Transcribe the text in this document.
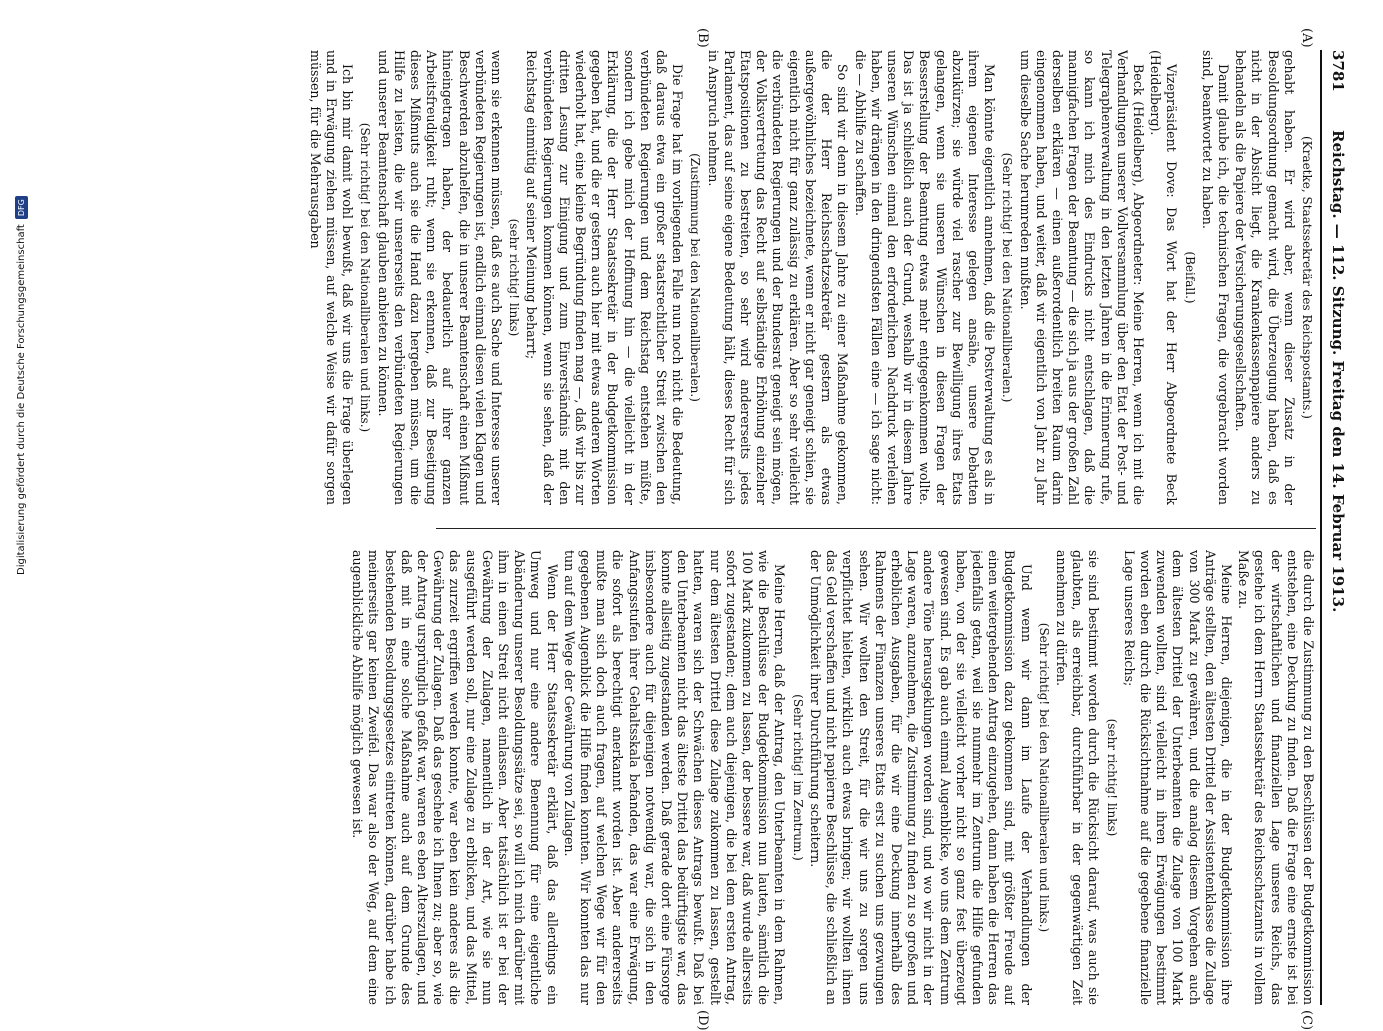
3781
Reichstag. — 112. Sitzung. Freitag den 14. Februar 1913.
(A)
(B)
(C)
(D)

(Kraetke, Staatssekretär des Reichspostamts.)

gehabt haben. Er wird aber, wenn dieser Zusatz in der Besoldungsordnung gemacht wird, die Überzeugung haben, daß es nicht in der Absicht liegt, die Krankenkassenpapiere anders zu behandeln als die Papiere der Versicherungsgesellschaften.

Damit glaube ich, die technischen Fragen, die vorgebracht worden sind, beantwortet zu haben.

(Beifall.)

Vizepräsident Dove: Das Wort hat der Herr Abgeordnete Beck (Heidelberg).

Beck (Heidelberg), Abgeordneter: Meine Herren, wenn ich mit die Verhandlungen unserer Vollversammlung über den Etat der Post- und Telegraphenverwaltung in den letzten Jahren in die Erinnerung rufe, so kann ich mich des Eindrucks nicht entschlagen, daß die mannigfachen Fragen der Beamtung — die sich ja aus der großen Zahl derselben erklären — einen außerordentlich breiten Raum darin eingenommen haben, und weiter, daß wir eigentlich von Jahr zu Jahr um dieselbe Sache herumreden mußten.

(Sehr richtig! bei den Nationalliberalen.)

Man könnte eigentlich annehmen, daß die Postverwaltung es als in ihrem eigenen Interesse gelegen ansähe, unsere Debatten abzukürzen; sie würde viel rascher zur Bewilligung ihres Etats gelangen, wenn sie unseren Wünschen in diesen Fragen der Besserstellung der Beamtung etwas mehr entgegenkommen wollte. Das ist ja schließlich auch der Grund, weshalb wir in diesem Jahre unseren Wünschen einmal den erforderlichen Nachdruck verleihen haben, wir drängen in den dringendsten Fällen eine — ich sage nicht: die — Abhilfe zu schaffen.

So sind wir denn in diesem Jahre zu einer Maßnahme gekommen, die der Herr Reichsschatzsekretär gestern als etwas außergewöhnliches bezeichnete, wenn er nicht gar geneigt schien, sie eigentlich nicht für ganz zulässig zu erklären. Aber so sehr vielleicht die verbündeten Regierungen und der Bundesrat geneigt sein mögen, der Volksvertretung das Recht auf selbständige Erhöhung einzelner Etatspositionen zu bestreiten, so sehr wird andererseits jedes Parlament, das auf seine eigene Bedeutung hält, dieses Recht für sich in Anspruch nehmen.

(Zustimmung bei den Nationalliberalen.)

Die Frage hat im vorliegenden Falle nun noch nicht die Bedeutung, daß daraus etwa ein großer staatsrechtlicher Streit zwischen den verbündeten Regierungen und dem Reichstag entstehen müßte, sondern ich gebe mich der Hoffnung hin — die vielleicht in der Erklärung, die der Herr Staatssekretär in der Budgetkommission gegeben hat, und die er gestern auch hier mit etwas anderen Worten wiederholt hat, eine kleine Begründung finden mag —, daß wir bis zur dritten Lesung zur Einigung und zum Einverständnis mit den verbündeten Regierungen kommen können, wenn sie sehen, daß der Reichstag einmütig auf seiner Meinung beharrt;

(sehr richtig! links)

wenn sie erkennen müssen, daß es auch Sache und Interesse unserer verbündeten Regierungen ist, endlich einmal diesen vielen Klagen und Beschwerden abzuhelfen, die in unserer Beamtenschaft einen Mißmut hineingetragen haben, der bedauerlich auf ihrer ganzen Arbeitsfreudigkeit ruht; wenn sie erkennen, daß zur Beseitigung dieses Mißmuts auch sie die Hand dazu hergeben müssen, um die Hilfe zu leisten, die wir unsererseits den verbündeten Regierungen und unserer Beamtenschaft glauben anbieten zu können.

(Sehr richtig! bei den Nationalliberalen und links.)

Ich bin mir damit wohl bewußt, daß wir uns die Frage überlegen und in Erwägung ziehen müssen, auf welche Weise wir dafür sorgen müssen, für die Mehrausgaben

die durch die Zustimmung zu den Beschlüssen der Budgetkommission entstehen, eine Deckung zu finden. Daß die Frage eine ernste ist bei der wirtschaftlichen und finanziellen Lage unseres Reichs, das gestehe ich dem Herrn Staatssekretär des Reichsschatzamts in vollem Maße zu.

Meine Herren, diejenigen, die in der Budgetkommission ihre Anträge stellten, den ältesten Drittel der Assistentenklasse die Zulage von 300 Mark zu gewähren, und die analog diesem Vorgehen auch dem ältesten Drittel der Unterbeamten die Zulage von 100 Mark zuwenden wollten, sind vielleicht in ihren Erwägungen bestimmt worden eben durch die Rücksichtnahme auf die gegebene finanzielle Lage unseres Reichs;

(sehr richtig! links)

sie sind bestimmt worden durch die Rücksicht darauf, was auch sie glaubten, als erreichbar, durchführbar in der gegenwärtigen Zeit annehmen zu dürfen.

(Sehr richtig! bei den Nationalliberalen und links.)

Und wenn wir dann im Laufe der Verhandlungen der Budgetkommission dazu gekommen sind, mit größter Freude auf einen weitergehenden Antrag einzugehen, dann haben die Herren das jedenfalls getan, weil sie nunmehr im Zentrum die Hilfe gefunden haben, von der sie vielleicht vorher nicht so ganz fest überzeugt gewesen sind. Es gab auch einmal Augenblicke, wo uns dem Zentrum andere Töne herausgeklungen worden sind, und wo wir nicht in der Lage waren, anzunehmen, die Zustimmung zu finden zu so großen und erheblichen Ausgaben, für die wir eine Deckung innerhalb des Rahmens der Finanzen unseres Etats erst zu suchen uns gezwungen sehen. Wir wollten den Streit, für die wir uns zu sorgen uns verpflichtet hielten, wirklich auch etwas bringen; wir wollten ihnen das Geld verschaffen und nicht papierne Beschlüsse, die schließlich an der Unmöglichkeit ihrer Durchführung scheitern.

(Sehr richtig! im Zentrum.)

Meine Herren, daß der Antrag, den Unterbeamten in dem Rahmen, wie die Beschlüsse der Budgetkommission nun lauten, sämtlich die 100 Mark zukommen zu lassen, der bessere war, daß wurde allerseits sofort zugestanden; dem auch diejenigen, die bei dem ersten Antrag, nur dem ältesten Drittel diese Zulage zukommen zu lassen, gestellt hatten, waren sich der Schwächen dieses Antrags bewußt. Daß bei den Unterbeamten nicht das älteste Drittel das bedürftigste war, das konnte allseitig zugestanden werden. Daß gerade dort eine Fürsorge insbesondere auch für diejenigen notwendig war, die sich in den Anfangsstufen ihrer Gehaltsskala befanden, das war eine Erwägung, die sofort als berechtigt anerkannt worden ist. Aber andererseits mußte man sich doch auch fragen, auf welchen Wege wir für den gegebenen Augenblick die Hilfe finden konnten. Wir konnten das nur tun auf dem Wege der Gewährung von Zulagen.

Wenn der Herr Staatssekretär erklärt, daß das allerdings ein Umweg und nur eine andere Benennung für eine eigentliche Abänderung unserer Besoldungssätze sei, so will ich mich darüber mit ihm in einen Streit nicht einlassen. Aber tatsächlich ist er bei der Gewährung der Zulagen, namentlich in der Art, wie sie nun ausgeführt werden soll, nur eine Zulage zu erblicken, und das Mittel, das zurzeit ergriffen werden konnte, war eben kein anderes als die Gewährung der Zulagen. Daß das geschehe ich Ihnen zu; aber so, wie der Antrag ursprünglich gefaßt war, waren es eben Alterszulagen, und daß mit in eine solche Maßnahme auch auf dem Grunde des bestehenden Besoldungsgesetzes eintreten können, darüber habe ich meinerseits gar keinen Zweifel. Das war also der Weg, auf dem eine augenblickliche Abhilfe möglich gewesen ist.

Digitalisierung gefördert durch die Deutsche ForschungsgemeinschaftDFG
